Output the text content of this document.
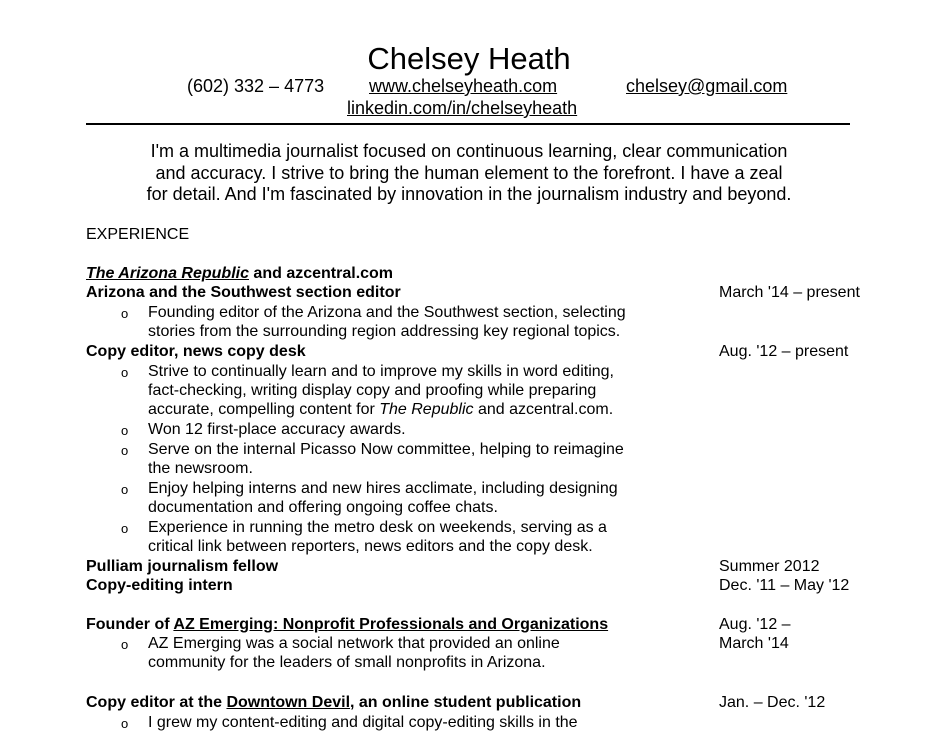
Chelsey Heath
(602) 332 – 4773 www.chelseyheath.com	chelsey@gmail.com
linkedin.com/in/chelseyheath
I'm a multimedia journalist focused on continuous learning, clear communication
and accuracy. I strive to bring the human element to the forefront. I have a zeal
for detail. And I'm fascinated by innovation in the journalism industry and beyond.
EXPERIENCE
The Arizona Republic and azcentral.com
Arizona and the Southwest section editor	March '14 – present
o Founding editor of the Arizona and the Southwest section, selecting
stories from the surrounding region addressing key regional topics.
Copy editor, news copy desk	Aug. '12 – present
o Strive to continually learn and to improve my skills in word editing,
fact-checking, writing display copy and proofing while preparing
accurate, compelling content for The Republic and azcentral.com.
o Won 12 first-place accuracy awards.
o Serve on the internal Picasso Now committee, helping to reimagine
the newsroom.
o Enjoy helping interns and new hires acclimate, including designing
documentation and offering ongoing coffee chats.
o Experience in running the metro desk on weekends, serving as a
critical link between reporters, news editors and the copy desk.
Pulliam journalism fellow	Summer 2012
Copy-editing intern	Dec. '11 – May '12
Founder of AZ Emerging: Nonprofit Professionals and Organizations	Aug. '12 –
March '14
o AZ Emerging was a social network that provided an online
community for the leaders of small nonprofits in Arizona.
Copy editor at the Downtown Devil, an online student publication	Jan. – Dec. '12
o I grew my content-editing and digital copy-editing skills in the
